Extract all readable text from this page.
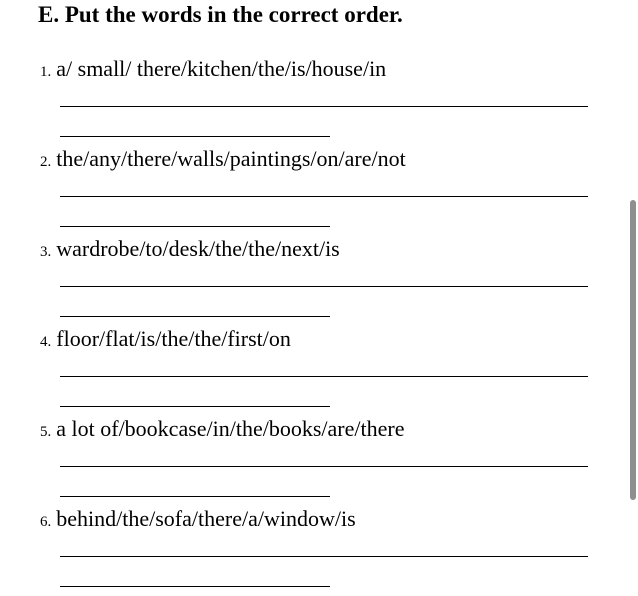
E. Put the words in the correct order.
1. a/ small/ there/kitchen/the/is/house/in
2. the/any/there/walls/paintings/on/are/not
3. wardrobe/to/desk/the/the/next/is
4. floor/flat/is/the/the/first/on
5. a lot of/bookcase/in/the/books/are/there
6. behind/the/sofa/there/a/window/is
